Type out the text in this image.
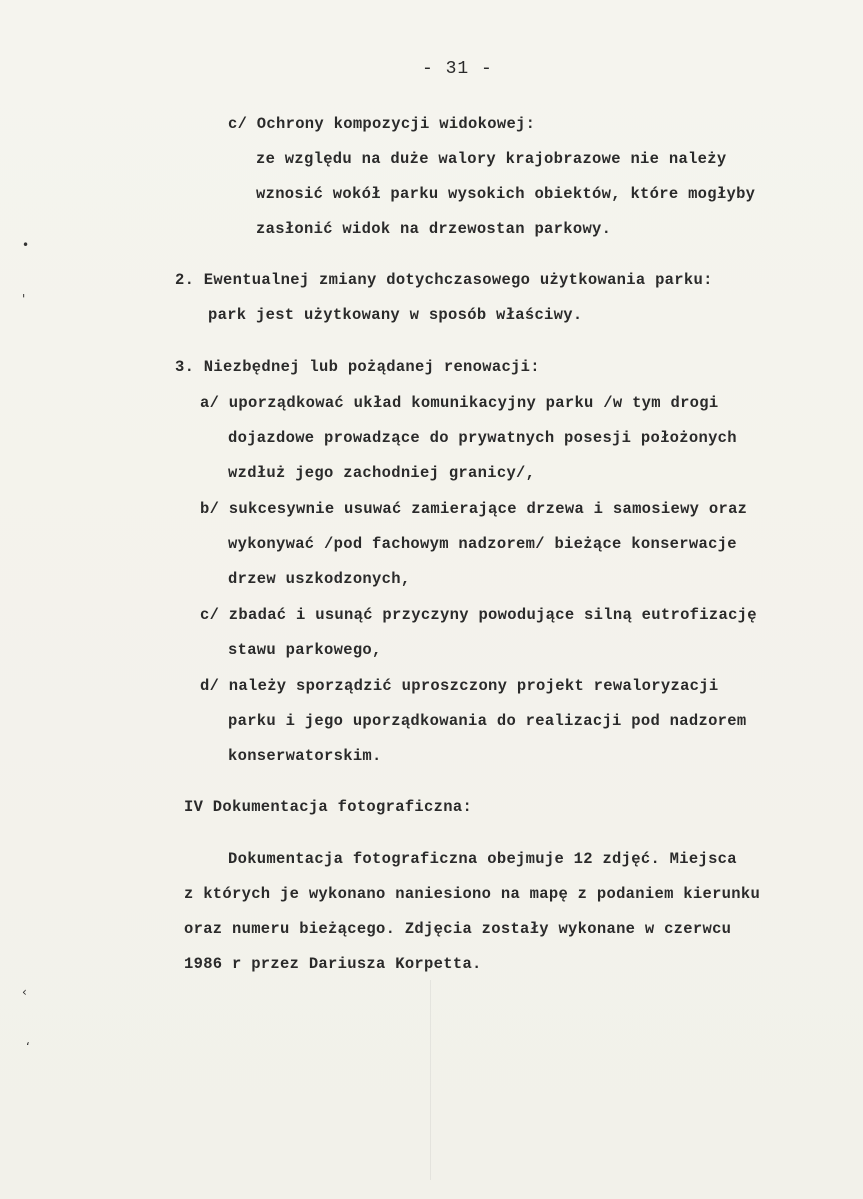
- 31 -
c/ Ochrony kompozycji widokowej:
ze względu na duże walory krajobrazowe nie należy
wznosić wokół parku wysokich obiektów, które mogłyby
zasłonić widok na drzewostan parkowy.
2. Ewentualnej zmiany dotychczasowego użytkowania parku:
park jest użytkowany w sposób właściwy.
3. Niezbędnej lub pożądanej renowacji:
a/ uporządkować układ komunikacyjny parku /w tym drogi
dojazdowe prowadzące do prywatnych posesji położonych
wzdłuż jego zachodniej granicy/,
b/ sukcesywnie usuwać zamierające drzewa i samosiewy oraz
wykonywać /pod fachowym nadzorem/ bieżące konserwacje
drzew uszkodzonych,
c/ zbadać i usunąć przyczyny powodujące silną eutrofizację
stawu parkowego,
d/ należy sporządzić uproszczony projekt rewaloryzacji
parku i jego uporządkowania do realizacji pod nadzorem
konserwatorskim.
IV Dokumentacja fotograficzna:
Dokumentacja fotograficzna obejmuje 12 zdjęć. Miejsca
z których je wykonano naniesiono na mapę z podaniem kierunku
oraz numeru bieżącego. Zdjęcia zostały wykonane w czerwcu
1986 r przez Dariusza Korpetta.
•
'
‹
ʻ
